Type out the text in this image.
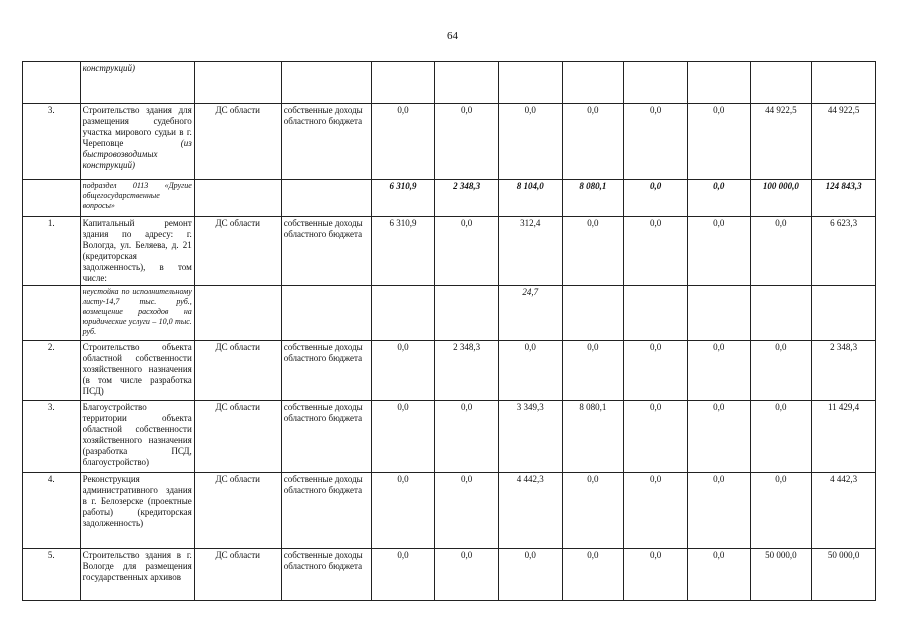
64
	конструкций)										
3.	Строительство здания для размещения судебного участка мирового судьи в г. Череповце (из быстровозводимых конструкций)	ДС области	собственные доходы областного бюджета	0,0	0,0	0,0	0,0	0,0	0,0	44 922,5	44 922,5
	подраздел 0113 «Другие общегосударственные вопросы»			6 310,9	2 348,3	8 104,0	8 080,1	0,0	0,0	100 000,0	124 843,3
1.	Капитальный ремонт здания по адресу: г. Вологда, ул. Беляева, д. 21 (кредиторская задолженность), в том числе:	ДС области	собственные доходы областного бюджета	6 310,9	0,0	312,4	0,0	0,0	0,0	0,0	6 623,3
	неустойка по исполнительному листу-14,7 тыс. руб., возмещение расходов на юридические услуги – 10,0 тыс. руб.					24,7					
2.	Строительство объекта областной собственности хозяйственного назначения (в том числе разработка ПСД)	ДС области	собственные доходы областного бюджета	0,0	2 348,3	0,0	0,0	0,0	0,0	0,0	2 348,3
3.	Благоустройство территории объекта областной собственности хозяйственного назначения (разработка ПСД, благоустройство)	ДС области	собственные доходы областного бюджета	0,0	0,0	3 349,3	8 080,1	0,0	0,0	0,0	11 429,4
4.	Реконструкция административного здания в г. Белозерске (проектные работы) (кредиторская задолженность)	ДС области	собственные доходы областного бюджета	0,0	0,0	4 442,3	0,0	0,0	0,0	0,0	4 442,3
5.	Строительство здания в г. Вологде для размещения государственных архивов	ДС области	собственные доходы областного бюджета	0,0	0,0	0,0	0,0	0,0	0,0	50 000,0	50 000,0
